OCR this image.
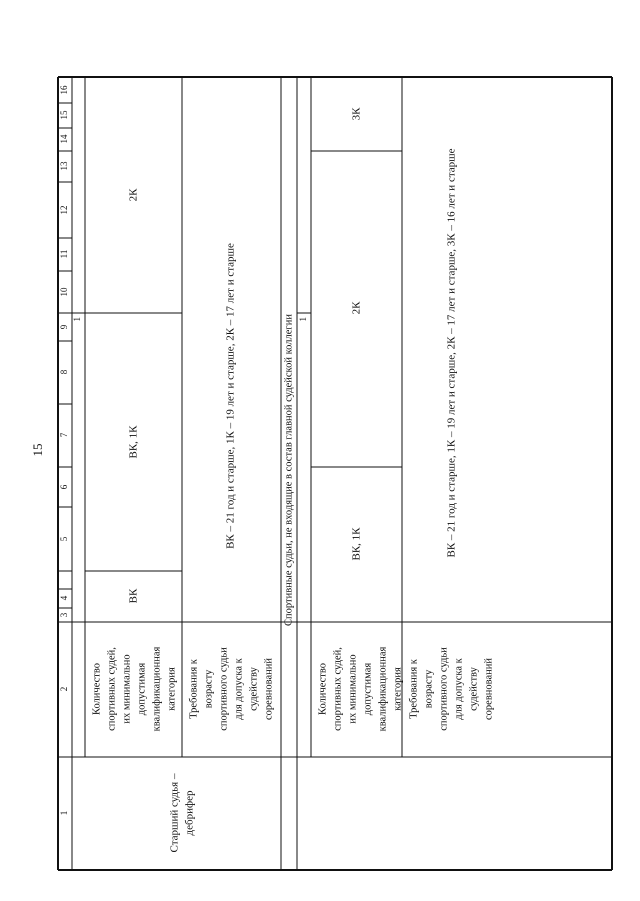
15
1
2
3
4
5
6
7
8
9
10
11
12
13
14
15
16
1	1
Спортивные судьи, не входящие в состав главной судейской коллегии
Старший судья – дебрифер
Количество спортивных судей, их минимально допустимая квалификационная категория
ВК
ВК, 1К
2К
Требования к возрасту спортивного судьи для допуска к судейству соревнований
ВК – 21 год и старше, 1К – 19 лет и старше, 2К – 17 лет и старше
Количество спортивных судей, их минимально допустимая квалификационная категория
ВК, 1К
2К
3К
Требования к возрасту спортивного судьи для допуска к судейству соревнований
ВК – 21 год и старше, 1К – 19 лет и старше, 2К – 17 лет и старше, 3К – 16 лет и старше
